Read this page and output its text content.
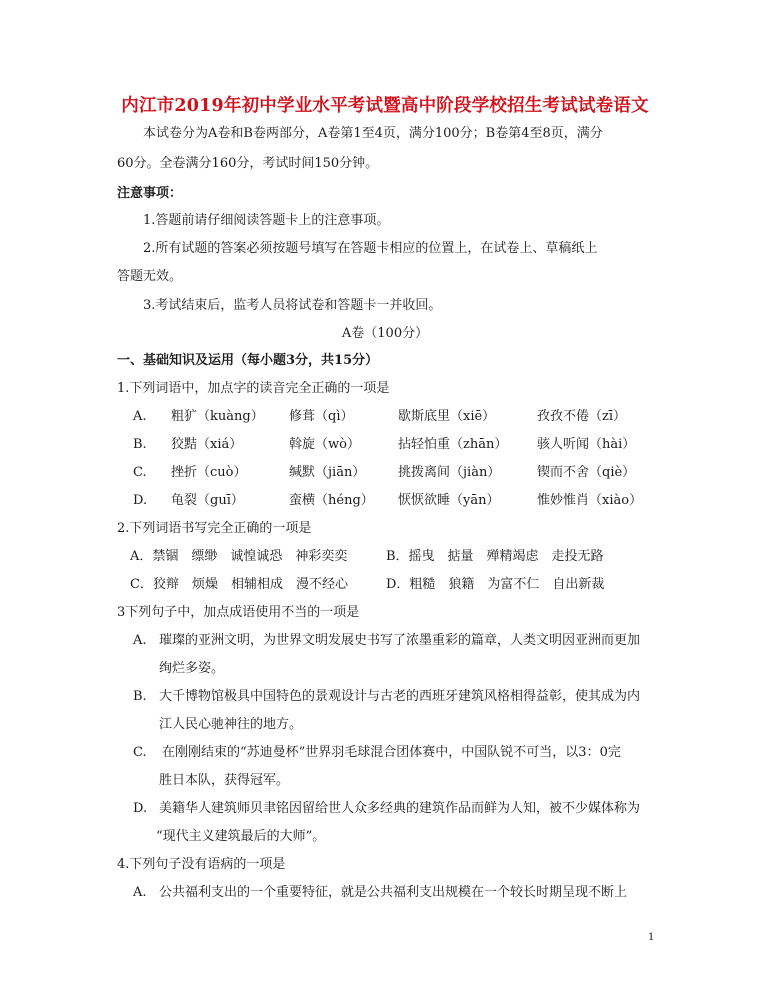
内江市2019年初中学业水平考试暨高中阶段学校招生考试试卷语文
本试卷分为A卷和B卷两部分，A卷第1至4页，满分100分；B卷第4至8页，满分
60分。全卷满分160分，考试时间150分钟。
注意事项：
1.答题前请仔细阅读答题卡上的注意事项。
2.所有试题的答案必须按题号填写在答题卡相应的位置上，在试卷上、草稿纸上
答题无效。
3.考试结束后，监考人员将试卷和答题卡一并收回。
A卷（100分）
一、基础知识及运用（每小题3分，共15分）
1.下列词语中，加点字的读音完全正确的一项是
A. 粗犷（kuàng） 修葺（qì）	歇斯底里（xiē）	孜孜不倦（zī）
B. 狡黠（xiá）	斡旋（wò）	拈轻怕重（zhān） 骇人听闻（hài）
C. 挫折（cuò）	缄默（jiān）	挑拨离间（jiàn）	锲而不舍（qiè）
D. 龟裂（guī）	蛮横（héng） 恹恹欲睡（yān）	惟妙惟肖（xiào）
2.下列词语书写完全正确的一项是
A．禁锢　缥缈　诚惶诚恐　神彩奕奕	B．摇曳　掂量　殚精竭虑　走投无路
C．狡辩　烦燥　相辅相成　漫不经心	D．粗糙　狼籍　为富不仁　自出新裁
3下列句子中，加点成语使用不当的一项是
A. 璀璨的亚洲文明，为世界文明发展史书写了浓墨重彩的篇章，人类文明因亚洲而更加
绚烂多姿。
B. 大千博物馆极具中国特色的景观设计与古老的西班牙建筑风格相得益彰，使其成为内
江人民心驰神往的地方。
C. 在刚刚结束的“苏迪曼杯”世界羽毛球混合团体赛中，中国队锐不可当，以3：0完
胜日本队，获得冠军。
D. 美籍华人建筑师贝聿铭因留给世人众多经典的建筑作品而鲜为人知，被不少媒体称为
“现代主义建筑最后的大师”。
4.下列句子没有语病的一项是
A. 公共福利支出的一个重要特征，就是公共福利支出规模在一个较长时期呈现不断上
1
